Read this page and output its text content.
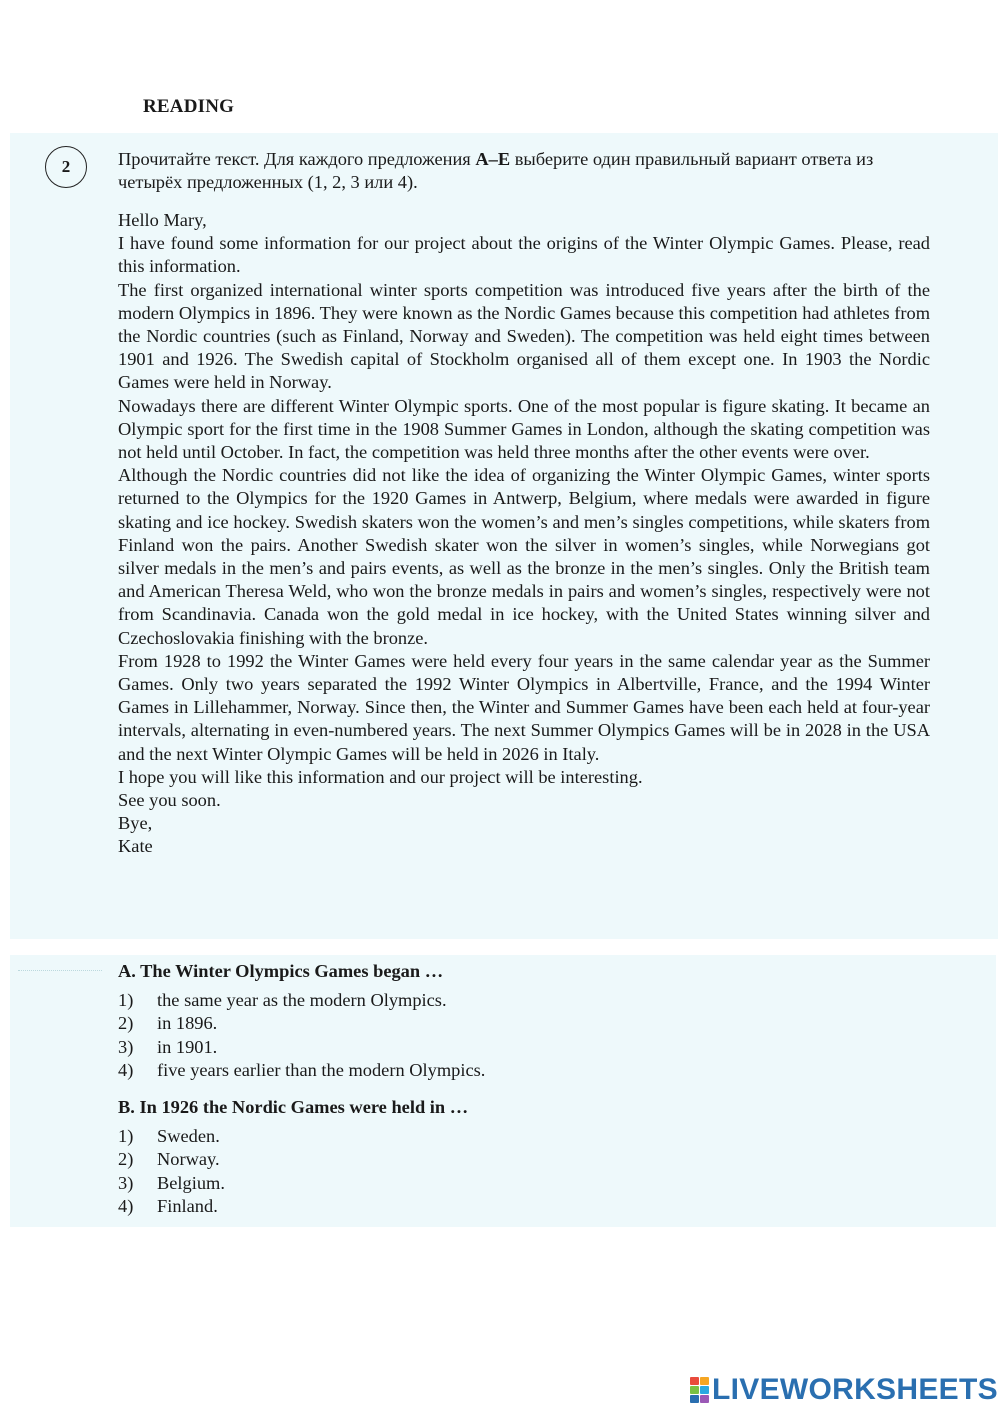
READING
2	Прочитайте текст. Для каждого предложения A–E выберите один правильный вариант ответа из четырёх предложенных (1, 2, 3 или 4).

Hello Mary,

I have found some information for our project about the origins of the Winter Olympic Games. Please, read this information.

The first organized international winter sports competition was introduced five years after the birth of the modern Olympics in 1896. They were known as the Nordic Games because this competition had athletes from the Nordic countries (such as Finland, Norway and Sweden). The competition was held eight times between 1901 and 1926. The Swedish capital of Stockholm organised all of them except one. In 1903 the Nordic Games were held in Norway.

Nowadays there are different Winter Olympic sports. One of the most popular is figure skating. It became an Olympic sport for the first time in the 1908 Summer Games in London, although the skating competition was not held until October. In fact, the competition was held three months after the other events were over.

Although the Nordic countries did not like the idea of organizing the Winter Olympic Games, winter sports returned to the Olympics for the 1920 Games in Antwerp, Belgium, where medals were awarded in figure skating and ice hockey. Swedish skaters won the women’s and men’s singles competitions, while skaters from Finland won the pairs. Another Swedish skater won the silver in women’s singles, while Norwegians got silver medals in the men’s and pairs events, as well as the bronze in the men’s singles. Only the British team and American Theresa Weld, who won the bronze medals in pairs and women’s singles, respectively were not from Scandinavia. Canada won the gold medal in ice hockey, with the United States winning silver and Czechoslovakia finishing with the bronze.

From 1928 to 1992 the Winter Games were held every four years in the same calendar year as the Summer Games. Only two years separated the 1992 Winter Olympics in Albertville, France, and the 1994 Winter Games in Lillehammer, Norway. Since then, the Winter and Summer Games have been each held at four-year intervals, alternating in even-numbered years. The next Summer Olympics Games will be in 2028 in the USA and the next Winter Olympic Games will be held in 2026 in Italy.

I hope you will like this information and our project will be interesting.

See you soon.

Bye,

Kate

A. The Winter Olympics Games began …

1)	the same year as the modern Olympics.
2)	in 1896.
3)	in 1901.
4)	five years earlier than the modern Olympics.

B. In 1926 the Nordic Games were held in …

1)	Sweden.
2)	Norway.
3)	Belgium.
4)	Finland.
LIVEWORKSHEETS
